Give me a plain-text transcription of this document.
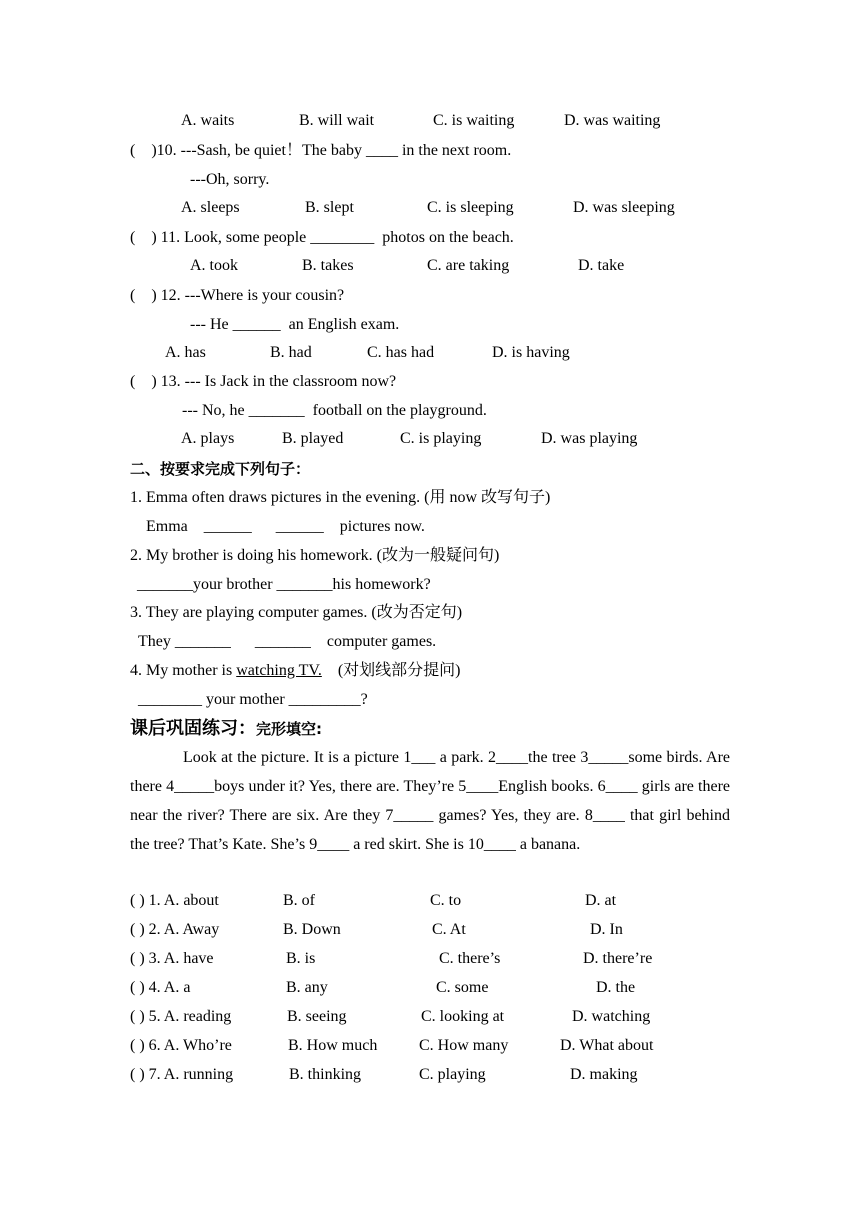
A. waits	B. will wait	C. is waiting	D. was waiting
(    )10. ---Sash, be quiet！The baby ____ in the next room.
---Oh, sorry.
A. sleeps	B. slept	C. is sleeping	D. was sleeping
(    ) 11. Look, some people ________  photos on the beach.
A. took	B. takes	C. are taking	D. take
(    ) 12. ---Where is your cousin?
--- He ______  an English exam.
A. has	B. had	C. has had	D. is having
(    ) 13. --- Is Jack in the classroom now?
--- No, he _______  football on the playground.
A. plays	B. played	C. is playing	D. was playing
二、按要求完成下列句子：
1. Emma often draws pictures in the evening. (用 now 改写句子)
Emma    ______      ______    pictures now.
2. My brother is doing his homework. (改为一般疑问句)
_______your brother _______his homework?
3. They are playing computer games. (改为否定句)
They _______      _______    computer games.
4. My mother is watching TV.    (对划线部分提问)
________ your mother _________?
课后巩固练习：完形填空:
Look at the picture. It is a picture 1___ a park. 2____the tree 3_____some birds. Are there 4_____boys under it? Yes, there are. They’re 5____English books. 6____ girls are there near the river? There are six. Are they 7_____ games? Yes, they are. 8____ that girl behind the tree? That’s Kate. She’s 9____ a red skirt. She is 10____ a banana.
( ) 1. A. about	B. of	C. to	D. at
( ) 2. A. Away	B. Down	C. At	D. In
( ) 3. A. have	B. is	C. there’s	D. there’re
( ) 4. A. a	B. any	C. some	D. the
( ) 5. A. reading	B. seeing	C. looking at	D. watching
( ) 6. A. Who’re	B. How much	C. How many	D. What about
( ) 7. A. running	B. thinking	C. playing	D. making
